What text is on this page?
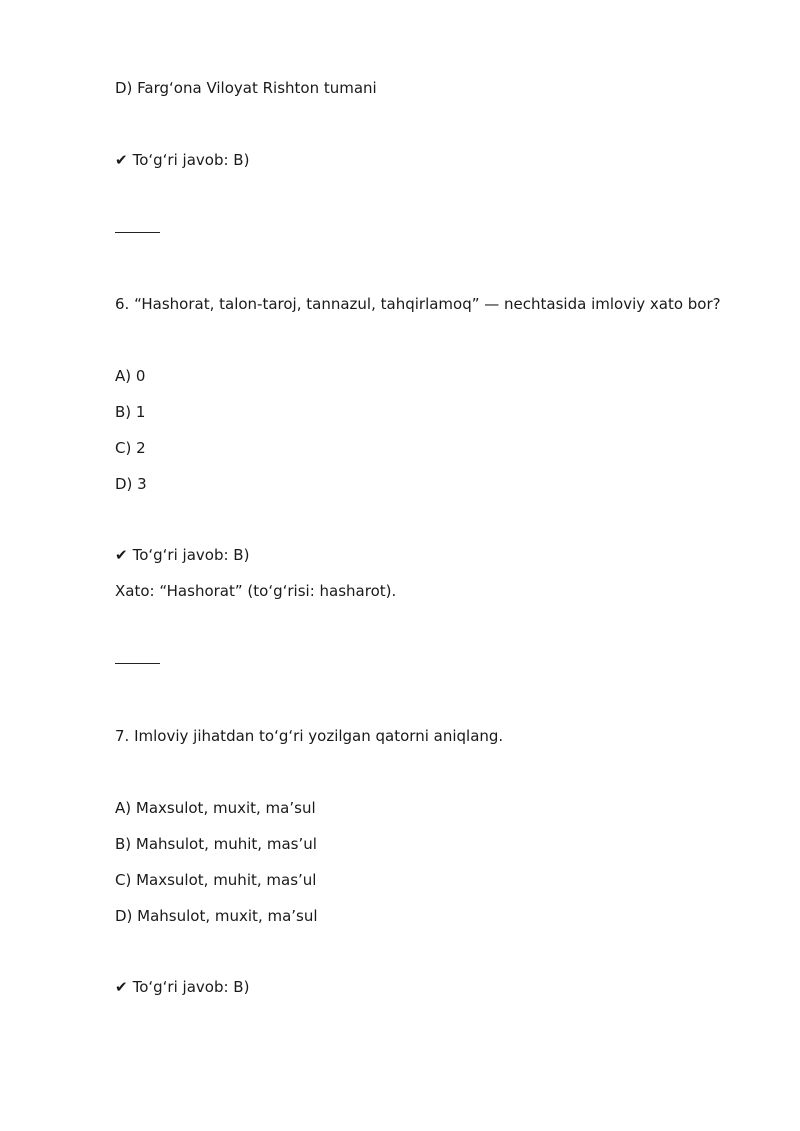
D) Farg‘ona Viloyat Rishton tumani
✔ To‘g‘ri javob: B)
6. “Hashorat, talon-taroj, tannazul, tahqirlamoq” — nechtasida imloviy xato bor?
A) 0
B) 1
C) 2
D) 3
✔ To‘g‘ri javob: B)
Xato: “Hashorat” (to‘g‘risi: hasharot).
7. Imloviy jihatdan to‘g‘ri yozilgan qatorni aniqlang.
A) Maxsulot, muxit, ma’sul
B) Mahsulot, muhit, mas’ul
C) Maxsulot, muhit, mas’ul
D) Mahsulot, muxit, ma’sul
✔ To‘g‘ri javob: B)
